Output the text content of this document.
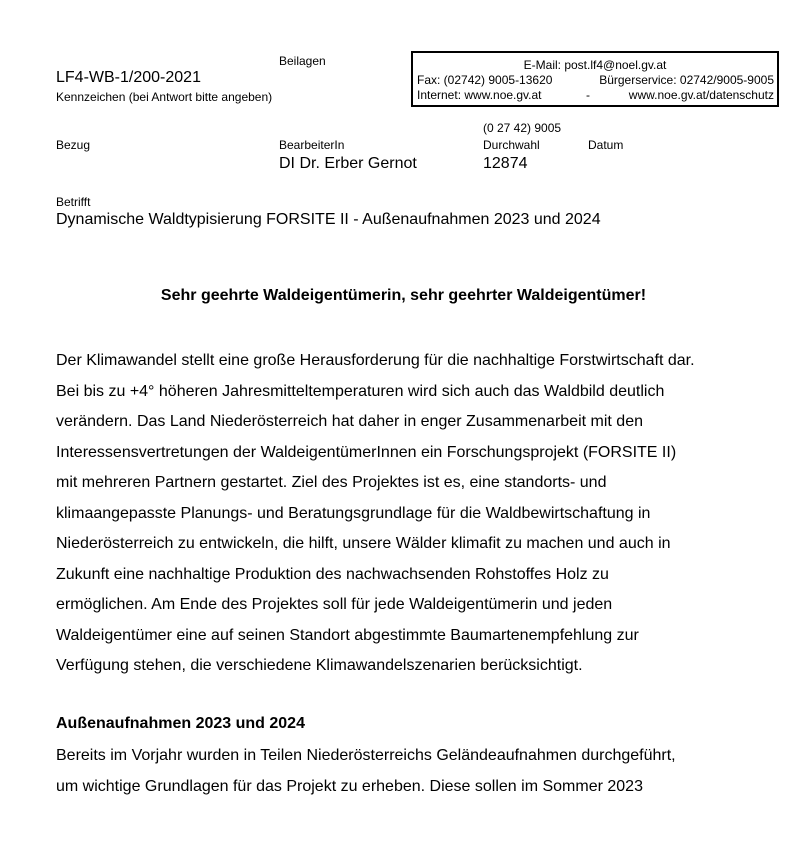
Beilagen
LF4-WB-1/200-2021
Kennzeichen (bei Antwort bitte angeben)
E-Mail: post.lf4@noel.gv.at
Fax: (02742) 9005-13620	Bürgerservice: 02742/9005-9005
Internet: www.noe.gv.at	-	www.noe.gv.at/datenschutz
(0 27 42) 9005
Bezug	BearbeiterIn	Durchwahl	Datum
DI Dr. Erber Gernot	12874
Betrifft
Dynamische Waldtypisierung FORSITE II - Außenaufnahmen 2023 und 2024
Sehr geehrte Waldeigentümerin, sehr geehrter Waldeigentümer!
Der Klimawandel stellt eine große Herausforderung für die nachhaltige Forstwirtschaft dar.
Bei bis zu +4° höheren Jahresmitteltemperaturen wird sich auch das Waldbild deutlich
verändern. Das Land Niederösterreich hat daher in enger Zusammenarbeit mit den
Interessensvertretungen der WaldeigentümerInnen ein Forschungsprojekt (FORSITE II)
mit mehreren Partnern gestartet. Ziel des Projektes ist es, eine standorts- und
klimaangepasste Planungs- und Beratungsgrundlage für die Waldbewirtschaftung in
Niederösterreich zu entwickeln, die hilft, unsere Wälder klimafit zu machen und auch in
Zukunft eine nachhaltige Produktion des nachwachsenden Rohstoffes Holz zu
ermöglichen. Am Ende des Projektes soll für jede Waldeigentümerin und jeden
Waldeigentümer eine auf seinen Standort abgestimmte Baumartenempfehlung zur
Verfügung stehen, die verschiedene Klimawandelszenarien berücksichtigt.
Außenaufnahmen 2023 und 2024
Bereits im Vorjahr wurden in Teilen Niederösterreichs Geländeaufnahmen durchgeführt,
um wichtige Grundlagen für das Projekt zu erheben. Diese sollen im Sommer 2023
